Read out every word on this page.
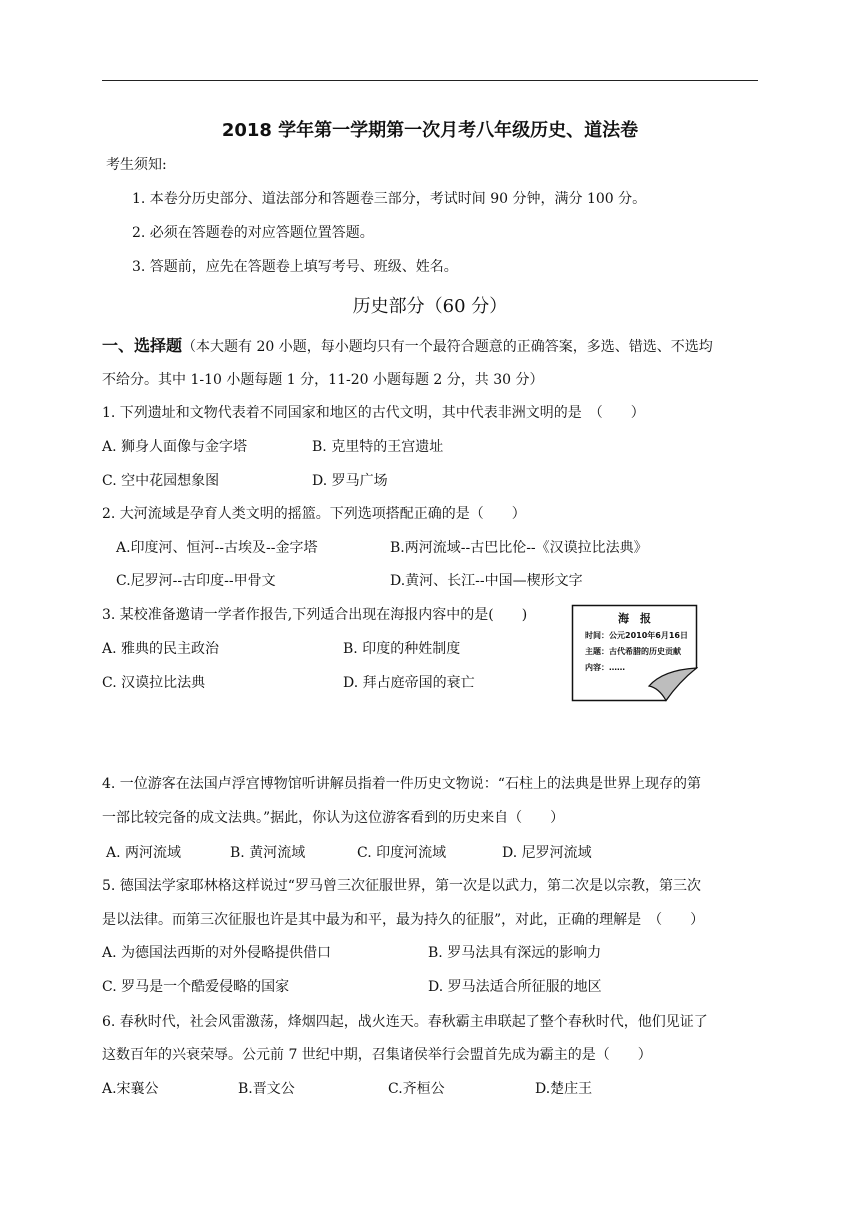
2018 学年第一学期第一次月考八年级历史、道法卷
考生须知:
1. 本卷分历史部分、道法部分和答题卷三部分，考试时间 90 分钟，满分 100 分。
2. 必须在答题卷的对应答题位置答题。
3. 答题前，应先在答题卷上填写考号、班级、姓名。
历史部分（60 分）
一、选择题（本大题有 20 小题，每小题均只有一个最符合题意的正确答案，多选、错选、不选均
不给分。其中 1-10 小题每题 1 分，11-20 小题每题 2 分，共 30 分）
1. 下列遗址和文物代表着不同国家和地区的古代文明，其中代表非洲文明的是　（　　）
A. 狮身人面像与金字塔	B. 克里特的王宫遗址
C. 空中花园想象图	D. 罗马广场
2. 大河流域是孕育人类文明的摇篮。下列选项搭配正确的是（　　）
A.印度河、恒河--古埃及--金字塔	B.两河流域--古巴比伦--《汉谟拉比法典》
C.尼罗河--古印度--甲骨文	D.黄河、长江--中国—楔形文字
3. 某校准备邀请一学者作报告,下列适合出现在海报内容中的是(　　)
A. 雅典的民主政治	B. 印度的种姓制度
C. 汉谟拉比法典	D. 拜占庭帝国的衰亡
海　报
时间：公元2010年6月16日
主题：古代希腊的历史贡献
内容：……
4. 一位游客在法国卢浮宫博物馆听讲解员指着一件历史文物说：“石柱上的法典是世界上现存的第
一部比较完备的成文法典。”据此，你认为这位游客看到的历史来自（　　）
A. 两河流域	B. 黄河流域	C. 印度河流域	D. 尼罗河流域
5. 德国法学家耶林格这样说过“罗马曾三次征服世界，第一次是以武力，第二次是以宗教，第三次
是以法律。而第三次征服也许是其中最为和平，最为持久的征服”，对此，正确的理解是　（　　）
A. 为德国法西斯的对外侵略提供借口	B. 罗马法具有深远的影响力
C. 罗马是一个酷爱侵略的国家	D. 罗马法适合所征服的地区
6. 春秋时代，社会风雷激荡，烽烟四起，战火连天。春秋霸主串联起了整个春秋时代，他们见证了
这数百年的兴衰荣辱。公元前 7 世纪中期，召集诸侯举行会盟首先成为霸主的是（　　）
A.宋襄公	B.晋文公	C.齐桓公	D.楚庄王
